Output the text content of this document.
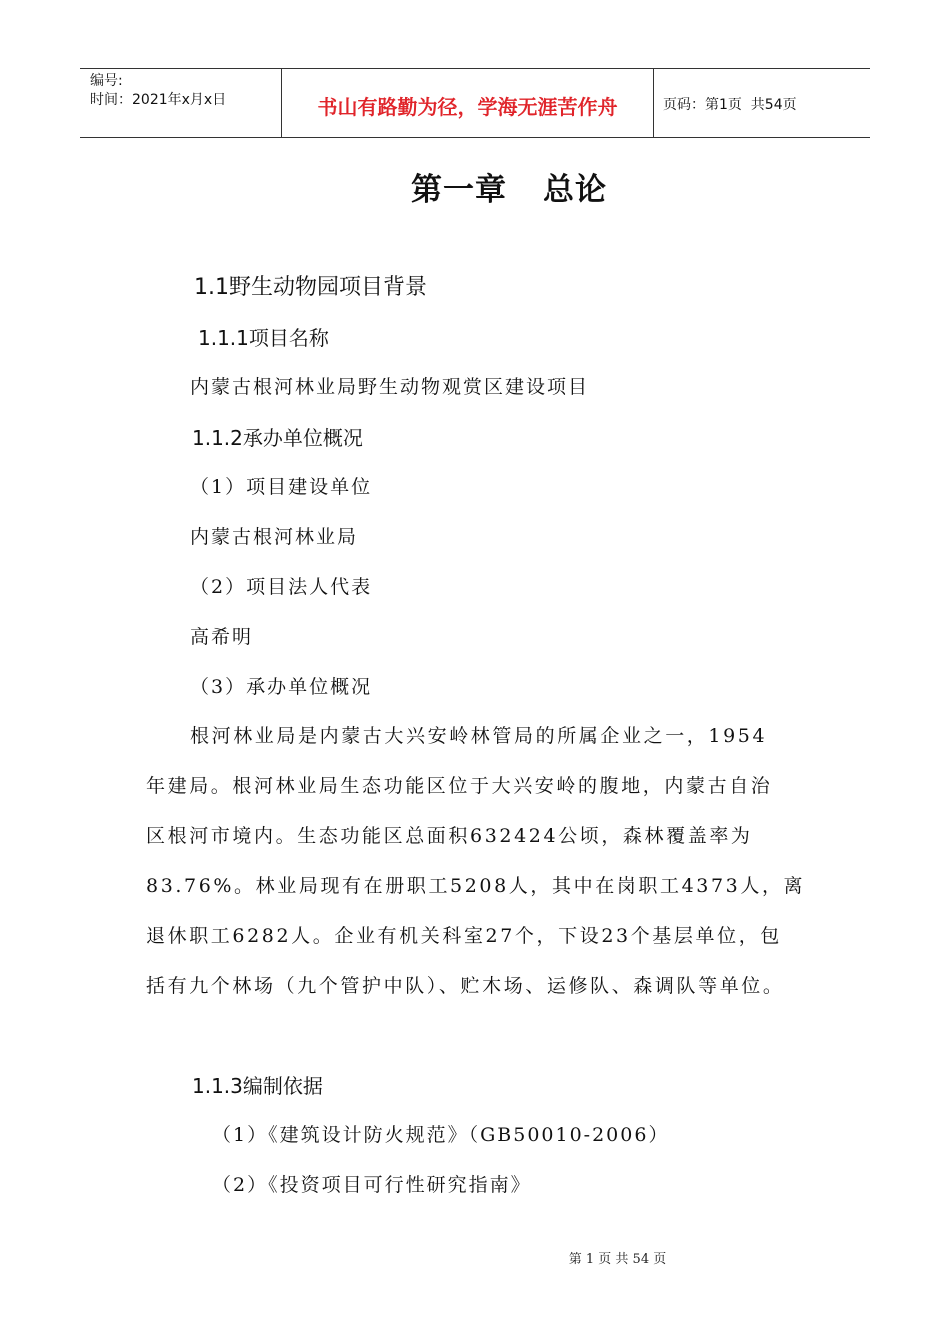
编号:
时间：2021年x月x日	书山有路勤为径，学海无涯苦作舟	页码：第1页  共54页
第一章 总论
1.1野生动物园项目背景
1.1.1项目名称
内蒙古根河林业局野生动物观赏区建设项目
1.1.2承办单位概况
（1）项目建设单位
内蒙古根河林业局
（2）项目法人代表
高希明
（3）承办单位概况
根河林业局是内蒙古大兴安岭林管局的所属企业之一，1954
年建局。根河林业局生态功能区位于大兴安岭的腹地，内蒙古自治
区根河市境内。生态功能区总面积632424公顷，森林覆盖率为
83.76%。林业局现有在册职工5208人，其中在岗职工4373人，离
退休职工6282人。企业有机关科室27个，下设23个基层单位，包
括有九个林场（九个管护中队）、贮木场、运修队、森调队等单位。
1.1.3编制依据
（1）《建筑设计防火规范》（GB50010-2006）
（2）《投资项目可行性研究指南》
第 1 页 共 54 页
